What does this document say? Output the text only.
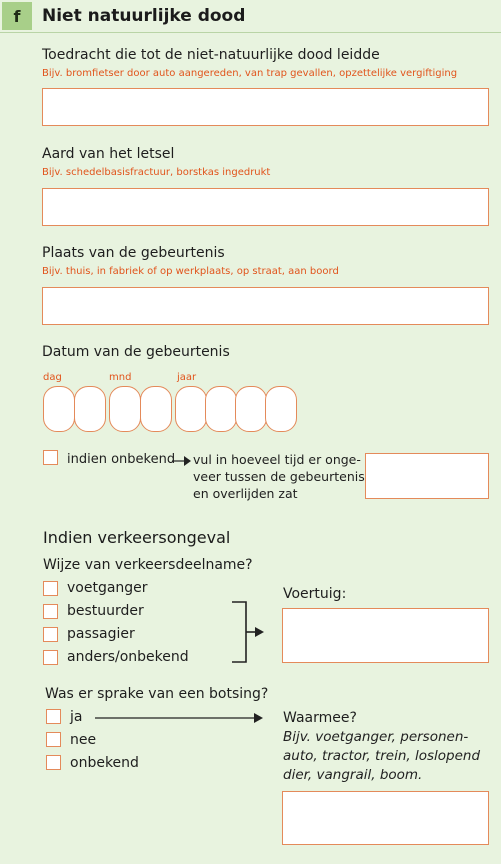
f	Niet natuurlijke dood
Toedracht die tot de niet-natuurlijke dood leidde
Bijv. bromfietser door auto aangereden, van trap gevallen, opzettelijke vergiftiging
Aard van het letsel
Bijv. schedelbasisfractuur, borstkas ingedrukt
Plaats van de gebeurtenis
Bijv. thuis, in fabriek of op werkplaats, op straat, aan boord
Datum van de gebeurtenis
dag	mnd	jaar
indien onbekend vul in hoeveel tijd er onge-
veer tussen de gebeurtenis
en overlijden zat
Indien verkeersongeval
Wijze van verkeersdeelname?
voetganger
bestuurder
passagier
anders/onbekend
Voertuig:
Was er sprake van een botsing?
ja
nee
onbekend
Waarmee?
Bijv. voetganger, personen-
auto, tractor, trein, loslopend
dier, vangrail, boom.
